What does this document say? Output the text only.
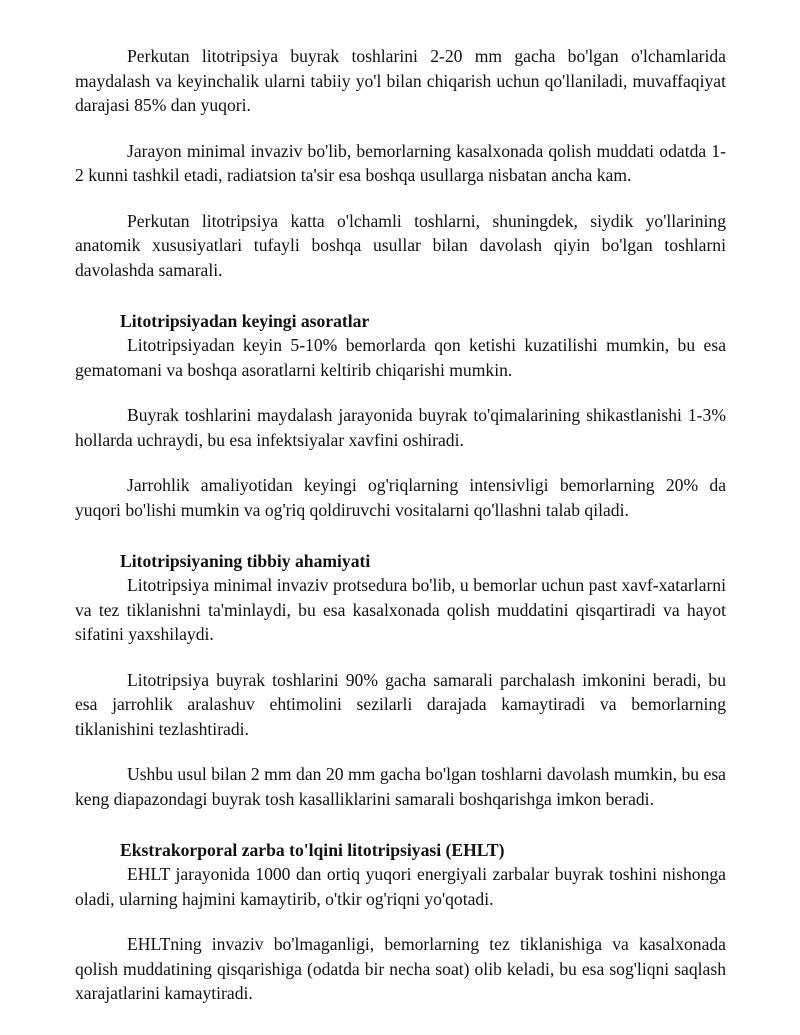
Perkutan litotripsiya buyrak toshlarini 2-20 mm gacha bo'lgan o'lchamlarida maydalash va keyinchalik ularni tabiiy yo'l bilan chiqarish uchun qo'llaniladi, muvaffaqiyat darajasi 85% dan yuqori.

Jarayon minimal invaziv bo'lib, bemorlarning kasalxonada qolish muddati odatda 1-2 kunni tashkil etadi, radiatsion ta'sir esa boshqa usullarga nisbatan ancha kam.

Perkutan litotripsiya katta o'lchamli toshlarni, shuningdek, siydik yo'llarining anatomik xususiyatlari tufayli boshqa usullar bilan davolash qiyin bo'lgan toshlarni davolashda samarali.

Litotripsiyadan keyingi asoratlar

Litotripsiyadan keyin 5-10% bemorlarda qon ketishi kuzatilishi mumkin, bu esa gematomani va boshqa asoratlarni keltirib chiqarishi mumkin.

Buyrak toshlarini maydalash jarayonida buyrak to'qimalarining shikastlanishi 1-3% hollarda uchraydi, bu esa infektsiyalar xavfini oshiradi.

Jarrohlik amaliyotidan keyingi og'riqlarning intensivligi bemorlarning 20% da yuqori bo'lishi mumkin va og'riq qoldiruvchi vositalarni qo'llashni talab qiladi.

Litotripsiyaning tibbiy ahamiyati

Litotripsiya minimal invaziv protsedura bo'lib, u bemorlar uchun past xavf-xatarlarni va tez tiklanishni ta'minlaydi, bu esa kasalxonada qolish muddatini qisqartiradi va hayot sifatini yaxshilaydi.

Litotripsiya buyrak toshlarini 90% gacha samarali parchalash imkonini beradi, bu esa jarrohlik aralashuv ehtimolini sezilarli darajada kamaytiradi va bemorlarning tiklanishini tezlashtiradi.

Ushbu usul bilan 2 mm dan 20 mm gacha bo'lgan toshlarni davolash mumkin, bu esa keng diapazondagi buyrak tosh kasalliklarini samarali boshqarishga imkon beradi.

Ekstrakorporal zarba to'lqini litotripsiyasi (EHLT)

EHLT jarayonida 1000 dan ortiq yuqori energiyali zarbalar buyrak toshini nishonga oladi, ularning hajmini kamaytirib, o'tkir og'riqni yo'qotadi.

EHLTning invaziv bo'lmaganligi, bemorlarning tez tiklanishiga va kasalxonada qolish muddatining qisqarishiga (odatda bir necha soat) olib keladi, bu esa sog'liqni saqlash xarajatlarini kamaytiradi.
